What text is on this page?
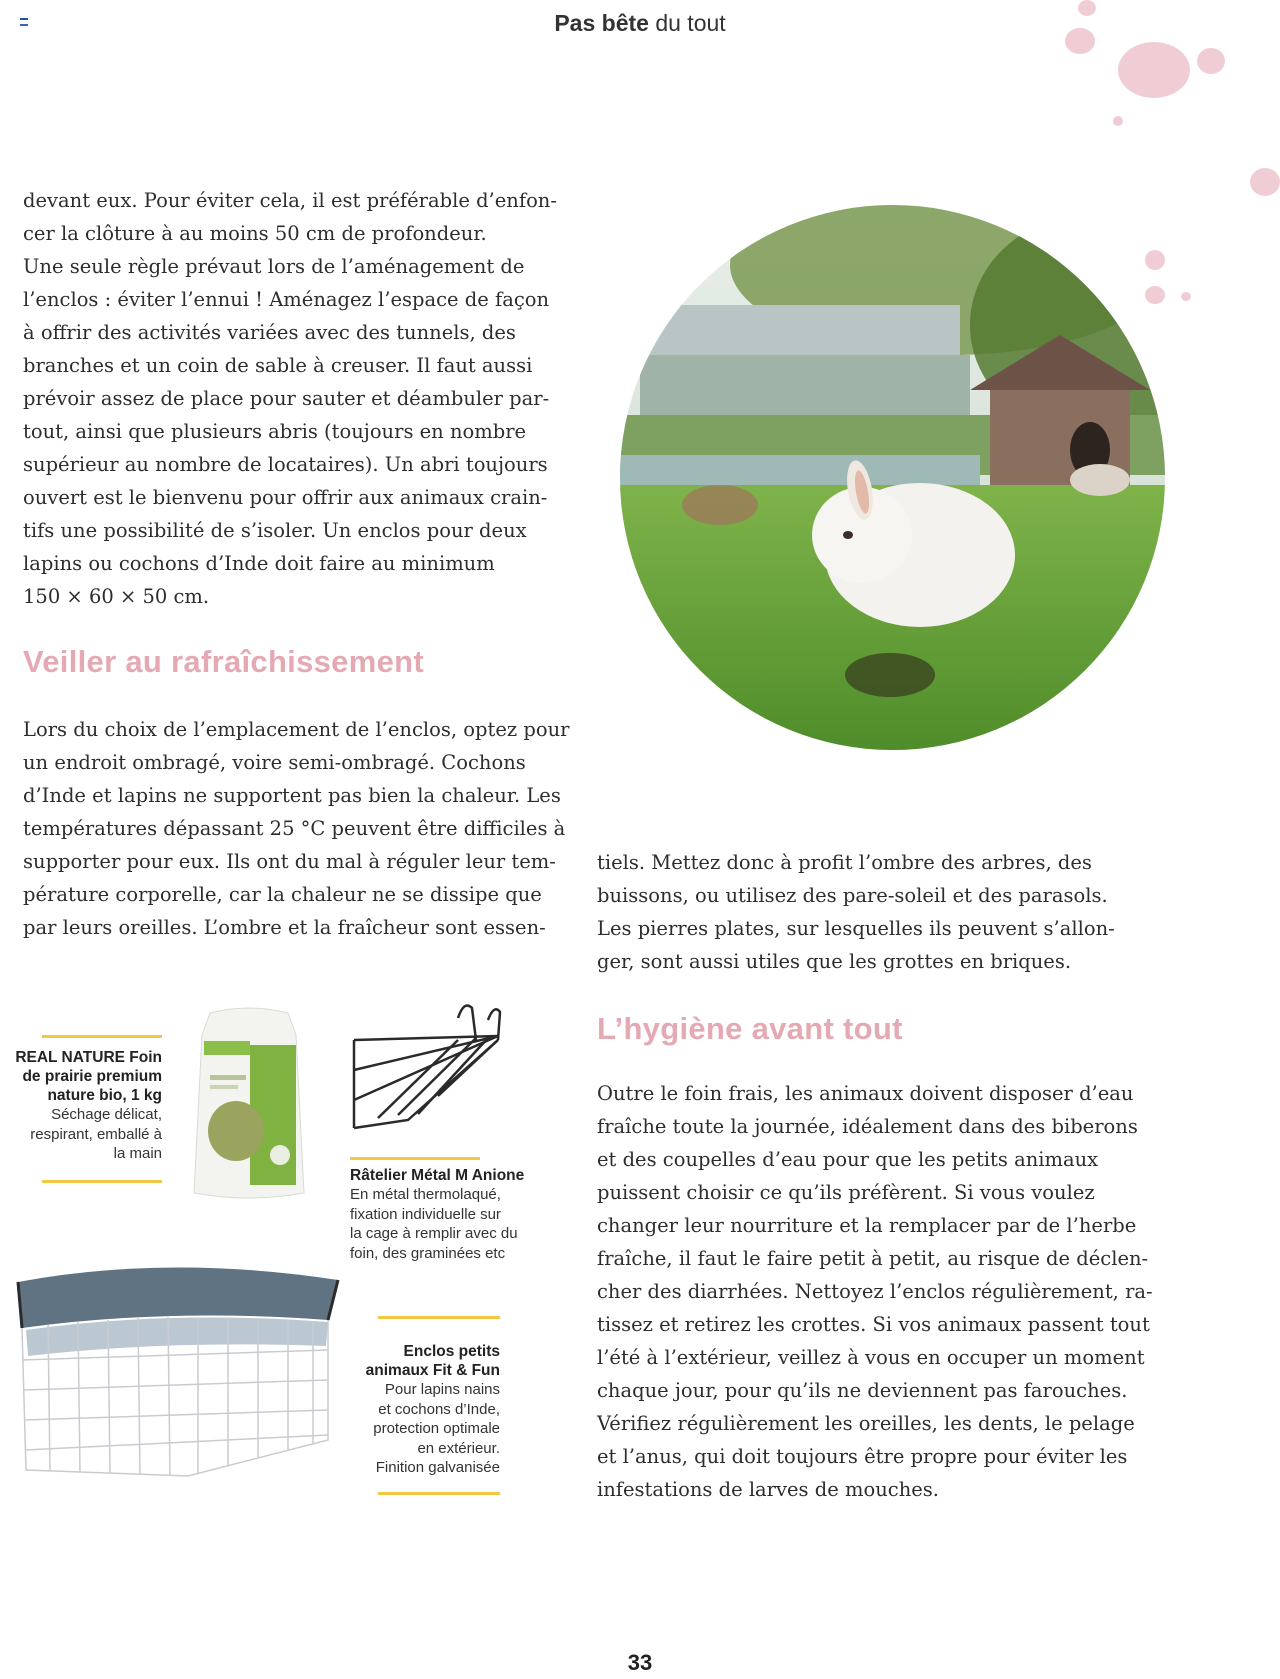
Pas bête du tout

devant eux. Pour éviter cela, il est préférable d’enfon-

cer la clôture à au moins 50 cm de profondeur.

Une seule règle prévaut lors de l’aménagement de

l’enclos : éviter l’ennui ! Aménagez l’espace de façon

à offrir des activités variées avec des tunnels, des

branches et un coin de sable à creuser. Il faut aussi

prévoir assez de place pour sauter et déambuler par-

tout, ainsi que plusieurs abris (toujours en nombre

supérieur au nombre de locataires). Un abri toujours

ouvert est le bienvenu pour offrir aux animaux crain-

tifs une possibilité de s’isoler. Un enclos pour deux

lapins ou cochons d’Inde doit faire au minimum

150 × 60 × 50 cm.

Veiller au rafraîchissement

Lors du choix de l’emplacement de l’enclos, optez pour

un endroit ombragé, voire semi-ombragé. Cochons

d’Inde et lapins ne supportent pas bien la chaleur. Les

températures dépassant 25 °C peuvent être difficiles à

supporter pour eux. Ils ont du mal à réguler leur tem-

pérature corporelle, car la chaleur ne se dissipe que

par leurs oreilles. L’ombre et la fraîcheur sont essen-

tiels. Mettez donc à profit l’ombre des arbres, des

buissons, ou utilisez des pare-soleil et des parasols.

Les pierres plates, sur lesquelles ils peuvent s’allon-

ger, sont aussi utiles que les grottes en briques.

L’hygiène avant tout

Outre le foin frais, les animaux doivent disposer d’eau

fraîche toute la journée, idéalement dans des biberons

et des coupelles d’eau pour que les petits animaux

puissent choisir ce qu’ils préfèrent. Si vous voulez

changer leur nourriture et la remplacer par de l’herbe

fraîche, il faut le faire petit à petit, au risque de déclen-

cher des diarrhées. Nettoyez l’enclos régulièrement, ra-

tissez et retirez les crottes. Si vos animaux passent tout

l’été à l’extérieur, veillez à vous en occuper un moment

chaque jour, pour qu’ils ne deviennent pas farouches.

Vérifiez régulièrement les oreilles, les dents, le pelage

et l’anus, qui doit toujours être propre pour éviter les

infestations de larves de mouches.

REAL NATURE Foin

de prairie premium

nature bio, 1 kg

Séchage délicat,

respirant, emballé à

la main

Râtelier Métal M Anione

En métal thermolaqué,

fixation individuelle sur

la cage à remplir avec du

foin, des graminées etc

Enclos petits

animaux Fit & Fun

Pour lapins nains

et cochons d’Inde,

protection optimale

en extérieur.

Finition galvanisée

33
